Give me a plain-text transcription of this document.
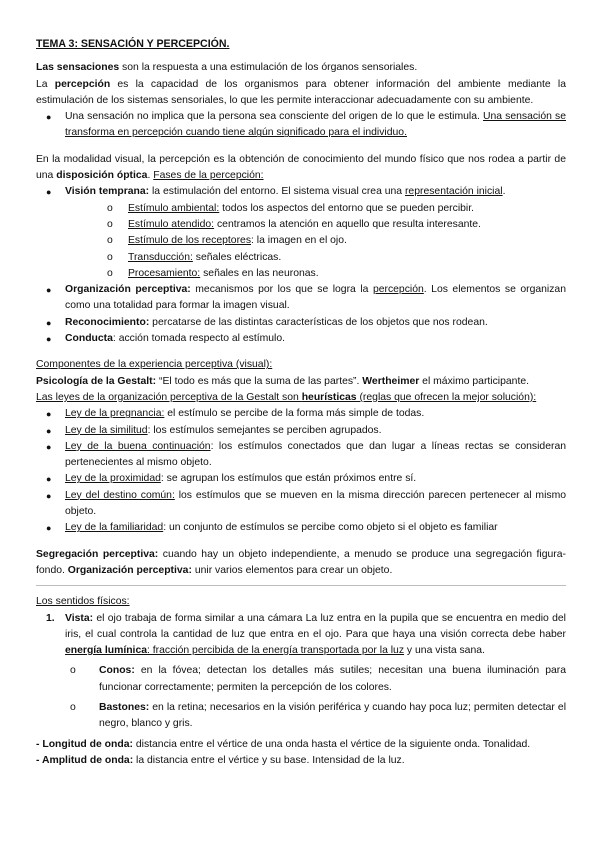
TEMA 3: SENSACIÓN Y PERCEPCIÓN.

Las sensaciones son la respuesta a una estimulación de los órganos sensoriales.

La percepción es la capacidad de los organismos para obtener información del ambiente mediante la estimulación de los sistemas sensoriales, lo que les permite interaccionar adecuadamente con su ambiente.

● Una sensación no implica que la persona sea consciente del origen de lo que le estimula. Una sensación se transforma en percepción cuando tiene algún significado para el individuo.

En la modalidad visual, la percepción es la obtención de conocimiento del mundo físico que nos rodea a partir de una disposición óptica. Fases de la percepción:

● Visión temprana: la estimulación del entorno. El sistema visual crea una representación inicial.
o Estímulo ambiental: todos los aspectos del entorno que se pueden percibir.
o Estímulo atendido: centramos la atención en aquello que resulta interesante.
o Estímulo de los receptores: la imagen en el ojo.
o Transducción: señales eléctricas.
o Procesamiento: señales en las neuronas.
● Organización perceptiva: mecanismos por los que se logra la percepción. Los elementos se organizan como una totalidad para formar la imagen visual.
● Reconocimiento: percatarse de las distintas características de los objetos que nos rodean.
● Conducta: acción tomada respecto al estímulo.

Componentes de la experiencia perceptiva (visual):

Psicología de la Gestalt: “El todo es más que la suma de las partes”. Wertheimer el máximo participante.

Las leyes de la organización perceptiva de la Gestalt son heurísticas (reglas que ofrecen la mejor solución):

● Ley de la pregnancia: el estímulo se percibe de la forma más simple de todas.
● Ley de la similitud: los estímulos semejantes se perciben agrupados.
● Ley de la buena continuación: los estímulos conectados que dan lugar a líneas rectas se consideran pertenecientes al mismo objeto.
● Ley de la proximidad: se agrupan los estímulos que están próximos entre sí.
● Ley del destino común: los estímulos que se mueven en la misma dirección parecen pertenecer al mismo objeto.
● Ley de la familiaridad: un conjunto de estímulos se percibe como objeto si el objeto es familiar

Segregación perceptiva: cuando hay un objeto independiente, a menudo se produce una segregación figura-fondo. Organización perceptiva: unir varios elementos para crear un objeto.

Los sentidos físicos:

1. Vista: el ojo trabaja de forma similar a una cámara La luz entra en la pupila que se encuentra en medio del iris, el cual controla la cantidad de luz que entra en el ojo. Para que haya una visión correcta debe haber energía lumínica: fracción percibida de la energía transportada por la luz y una vista sana.
o Conos: en la fóvea; detectan los detalles más sutiles; necesitan una buena iluminación para funcionar correctamente; permiten la percepción de los colores.
o Bastones: en la retina; necesarios en la visión periférica y cuando hay poca luz; permiten detectar el negro, blanco y gris.

- Longitud de onda: distancia entre el vértice de una onda hasta el vértice de la siguiente onda. Tonalidad.

- Amplitud de onda: la distancia entre el vértice y su base. Intensidad de la luz.
